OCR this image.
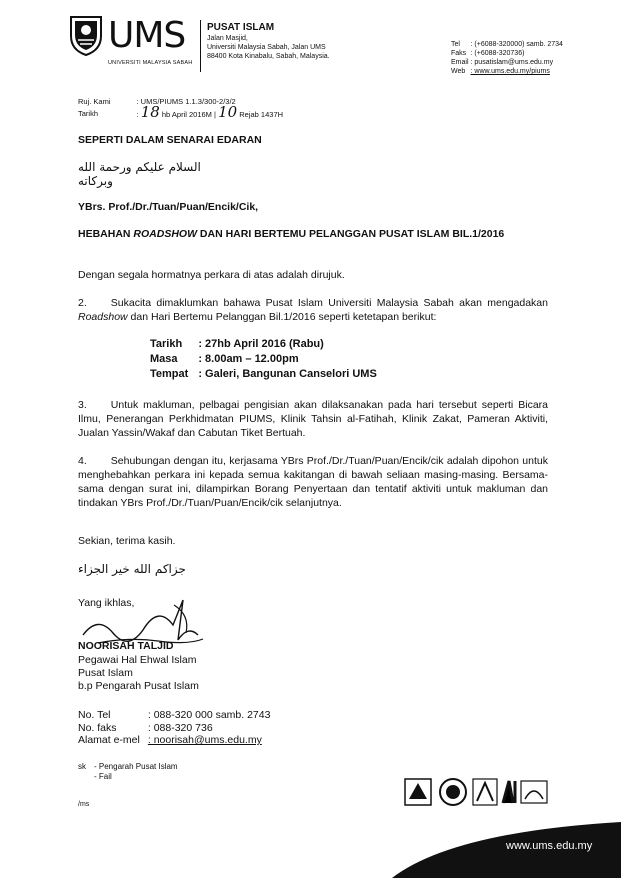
UMS
UNIVERSITI MALAYSIA SABAH
PUSAT ISLAM
Jalan Masjid,
Universiti Malaysia Sabah, Jalan UMS
88400 Kota Kinabalu, Sabah, Malaysia.
Tel	: (+6088-320000) samb. 2734
Faks	: (+6088-320736)
Email	: pusatislam@ums.edu.my
Web	: www.ums.edu.my/piums
Ruj. Kami	: UMS/PIUMS 1.1.3/300-2/3/2
Tarikh	: 18 hb April 2016M | 10 Rejab 1437H
SEPERTI DALAM SENARAI EDARAN
السلام عليكم ورحمة الله وبركاته
YBrs. Prof./Dr./Tuan/Puan/Encik/Cik,
HEBAHAN ROADSHOW DAN HARI BERTEMU PELANGGAN PUSAT ISLAM BIL.1/2016
Dengan segala hormatnya perkara di atas adalah dirujuk.
2. Sukacita dimaklumkan bahawa Pusat Islam Universiti Malaysia Sabah akan mengadakan Roadshow dan Hari Bertemu Pelanggan Bil.1/2016 seperti ketetapan berikut:
Tarikh	: 27hb April 2016 (Rabu)
Masa	: 8.00am – 12.00pm
Tempat	: Galeri, Bangunan Canselori UMS
3. Untuk makluman, pelbagai pengisian akan dilaksanakan pada hari tersebut seperti Bicara Ilmu, Penerangan Perkhidmatan PIUMS, Klinik Tahsin al-Fatihah, Klinik Zakat, Pameran Aktiviti, Jualan Yassin/Wakaf dan Cabutan Tiket Bertuah.
4. Sehubungan dengan itu, kerjasama YBrs Prof./Dr./Tuan/Puan/Encik/cik adalah dipohon untuk menghebahkan perkara ini kepada semua kakitangan di bawah seliaan masing-masing. Bersama-sama dengan surat ini, dilampirkan Borang Penyertaan dan tentatif aktiviti untuk makluman dan tindakan YBrs Prof./Dr./Tuan/Puan/Encik/cik selanjutnya.
Sekian, terima kasih.
جزاكم الله خير الجزاء
Yang ikhlas,
NOORISAH TALJID
Pegawai Hal Ehwal Islam
Pusat Islam
b.p Pengarah Pusat Islam
No. Tel	: 088-320 000 samb. 2743
No. faks	: 088-320 736
Alamat e-mel	: noorisah@ums.edu.my
sk	- Pengarah Pusat Islam
	- Fail
/ms
www.ums.edu.my
